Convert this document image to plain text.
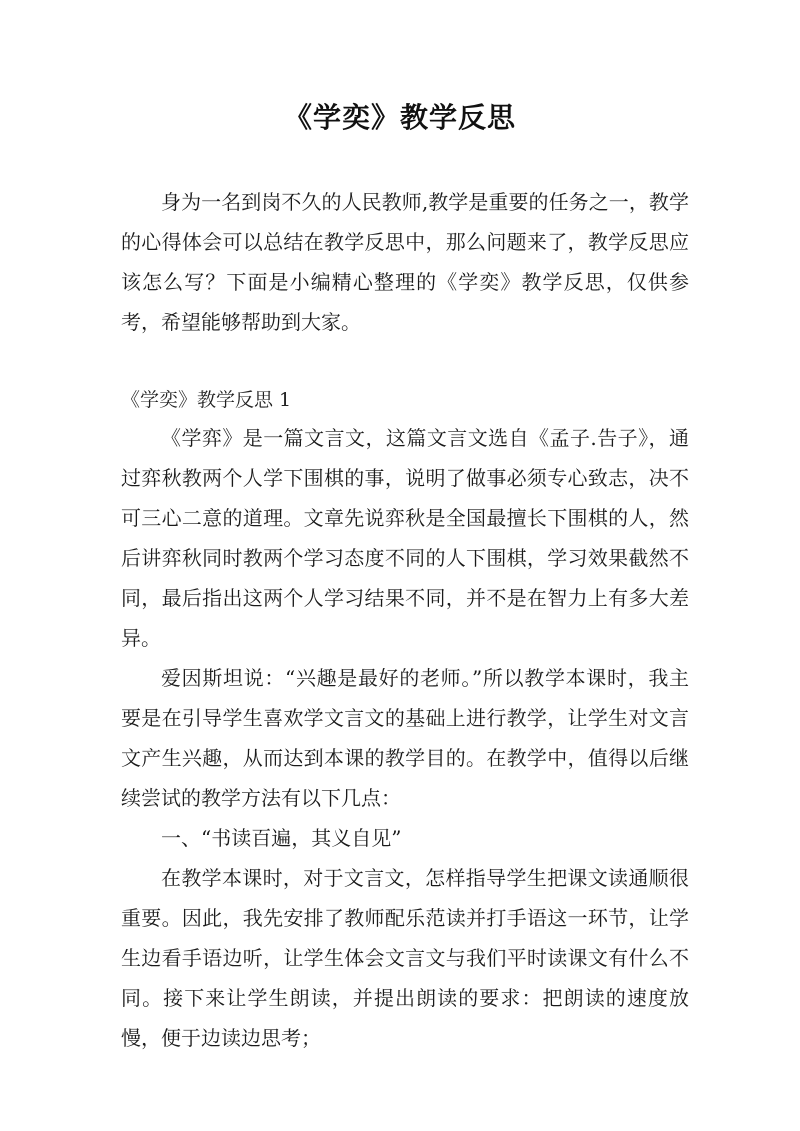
《学奕》教学反思

身为一名到岗不久的人民教师,教学是重要的任务之一，教学的心得体会可以总结在教学反思中，那么问题来了，教学反思应该怎么写？下面是小编精心整理的《学奕》教学反思，仅供参考，希望能够帮助到大家。

《学奕》教学反思 1

《学弈》是一篇文言文，这篇文言文选自《孟子.告子》，通过弈秋教两个人学下围棋的事，说明了做事必须专心致志，决不可三心二意的道理。文章先说弈秋是全国最擅长下围棋的人，然后讲弈秋同时教两个学习态度不同的人下围棋，学习效果截然不同，最后指出这两个人学习结果不同，并不是在智力上有多大差异。

爱因斯坦说：“兴趣是最好的老师。”所以教学本课时，我主要是在引导学生喜欢学文言文的基础上进行教学，让学生对文言文产生兴趣，从而达到本课的教学目的。在教学中，值得以后继续尝试的教学方法有以下几点：

一、“书读百遍，其义自见”

在教学本课时，对于文言文，怎样指导学生把课文读通顺很重要。因此，我先安排了教师配乐范读并打手语这一环节，让学生边看手语边听，让学生体会文言文与我们平时读课文有什么不同。接下来让学生朗读，并提出朗读的要求：把朗读的速度放慢，便于边读边思考；
